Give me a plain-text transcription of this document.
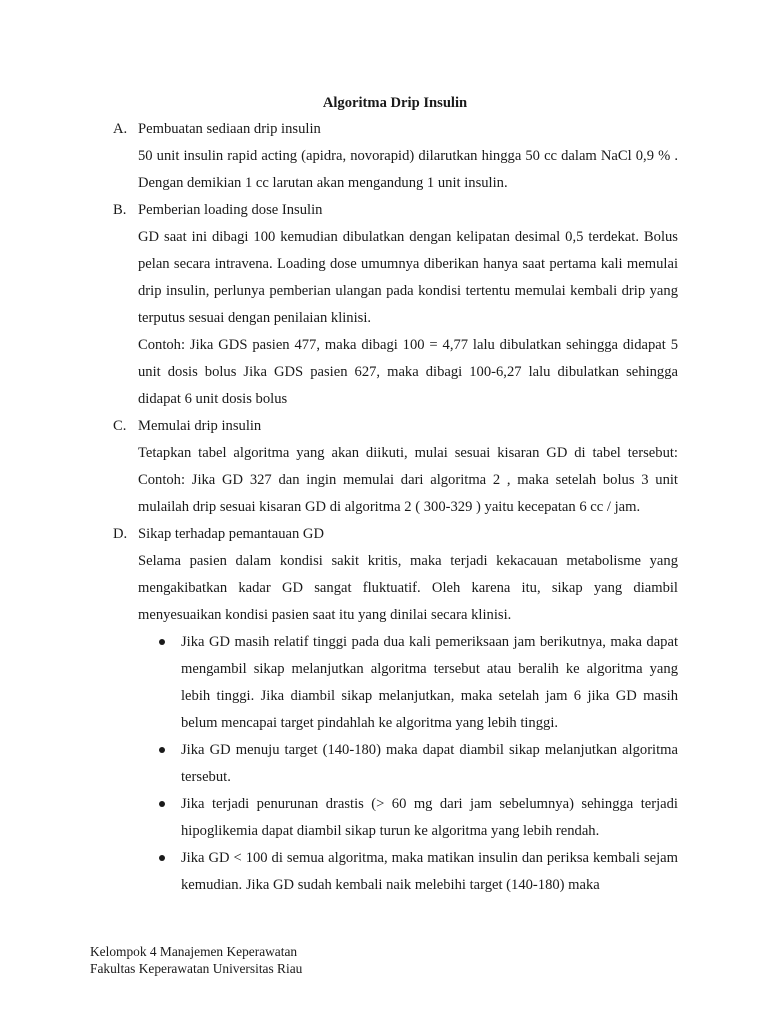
Algoritma Drip Insulin
A. Pembuatan sediaan drip insulin
50 unit insulin rapid acting (apidra, novorapid) dilarutkan hingga 50 cc dalam NaCl 0,9 % . Dengan demikian 1 cc larutan akan mengandung 1 unit insulin.
B. Pemberian loading dose Insulin
GD saat ini dibagi 100 kemudian dibulatkan dengan kelipatan desimal 0,5 terdekat. Bolus pelan secara intravena. Loading dose umumnya diberikan hanya saat pertama kali memulai drip insulin, perlunya pemberian ulangan pada kondisi tertentu memulai kembali drip yang terputus sesuai dengan penilaian klinisi.
Contoh: Jika GDS pasien 477, maka dibagi 100 = 4,77 lalu dibulatkan sehingga didapat 5 unit dosis bolus Jika GDS pasien 627, maka dibagi 100-6,27 lalu dibulatkan sehingga didapat 6 unit dosis bolus
C. Memulai drip insulin
Tetapkan tabel algoritma yang akan diikuti, mulai sesuai kisaran GD di tabel tersebut: Contoh: Jika GD 327 dan ingin memulai dari algoritma 2 , maka setelah bolus 3 unit mulailah drip sesuai kisaran GD di algoritma 2 ( 300-329 ) yaitu kecepatan 6 cc / jam.
D. Sikap terhadap pemantauan GD
Selama pasien dalam kondisi sakit kritis, maka terjadi kekacauan metabolisme yang mengakibatkan kadar GD sangat fluktuatif. Oleh karena itu, sikap yang diambil menyesuaikan kondisi pasien saat itu yang dinilai secara klinisi.
Jika GD masih relatif tinggi pada dua kali pemeriksaan jam berikutnya, maka dapat mengambil sikap melanjutkan algoritma tersebut atau beralih ke algoritma yang lebih tinggi. Jika diambil sikap melanjutkan, maka setelah jam 6 jika GD masih belum mencapai target pindahlah ke algoritma yang lebih tinggi.
Jika GD menuju target (140-180) maka dapat diambil sikap melanjutkan algoritma tersebut.
Jika terjadi penurunan drastis (> 60 mg dari jam sebelumnya) sehingga terjadi hipoglikemia dapat diambil sikap turun ke algoritma yang lebih rendah.
Jika GD < 100 di semua algoritma, maka matikan insulin dan periksa kembali sejam kemudian. Jika GD sudah kembali naik melebihi target (140-180) maka
Kelompok 4 Manajemen Keperawatan
Fakultas Keperawatan Universitas Riau
